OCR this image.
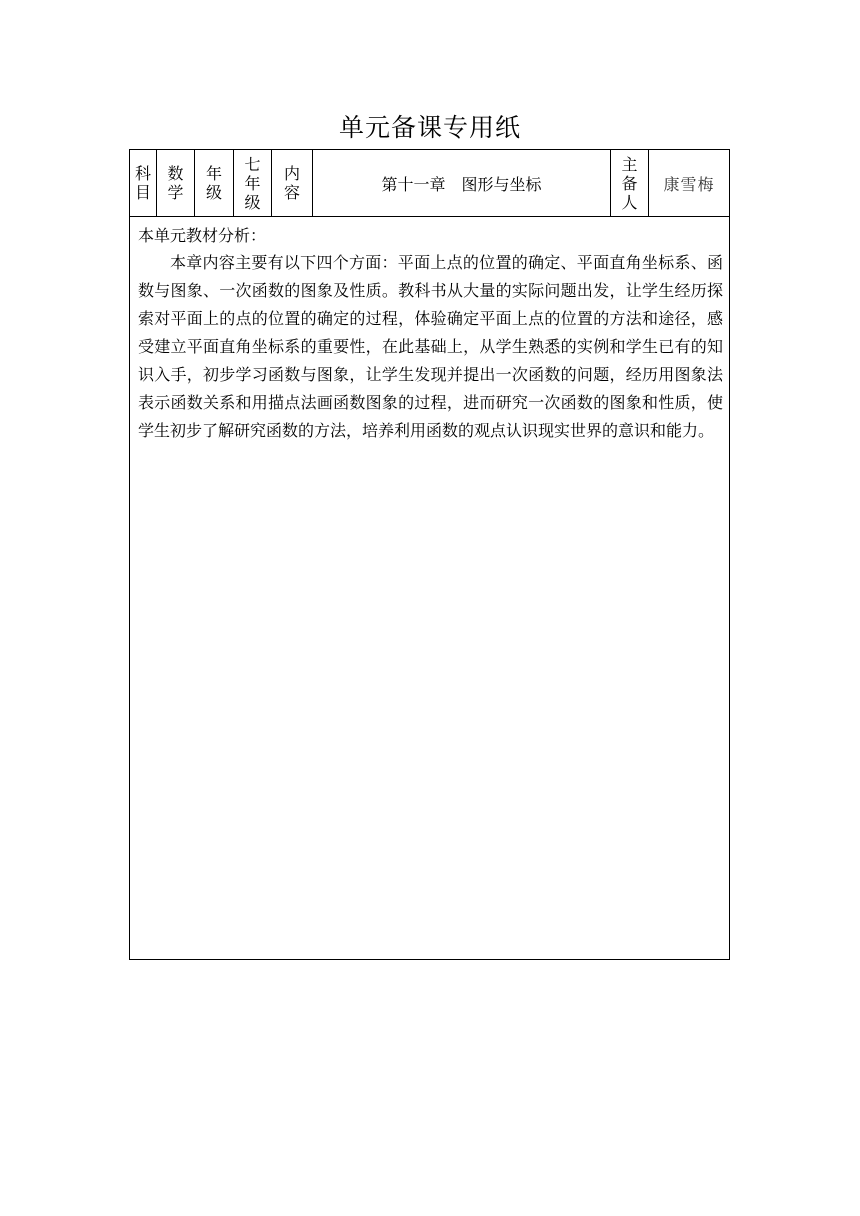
单元备课专用纸
科目	数学	年级	七年级	内容	第十一章　图形与坐标	主备人	康雪梅

本单元教材分析：

本章内容主要有以下四个方面：平面上点的位置的确定、平面直角坐标系、函数与图象、一次函数的图象及性质。教科书从大量的实际问题出发，让学生经历探索对平面上的点的位置的确定的过程，体验确定平面上点的位置的方法和途径，感受建立平面直角坐标系的重要性，在此基础上，从学生熟悉的实例和学生已有的知识入手，初步学习函数与图象，让学生发现并提出一次函数的问题，经历用图象法表示函数关系和用描点法画函数图象的过程，进而研究一次函数的图象和性质，使学生初步了解研究函数的方法，培养利用函数的观点认识现实世界的意识和能力。
